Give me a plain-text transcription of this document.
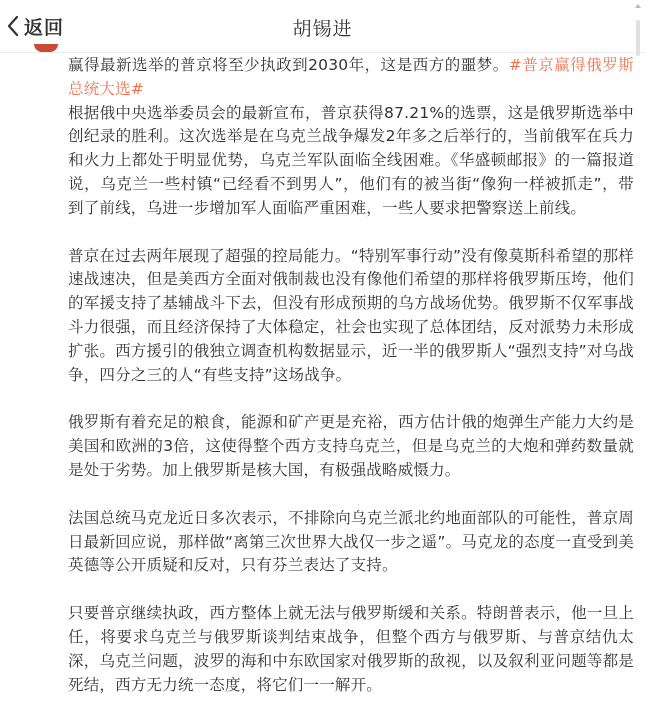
返回	胡锡进

赢得最新选举的普京将至少执政到2030年，这是西方的噩梦。#普京赢得俄罗斯总统大选#

根据俄中央选举委员会的最新宣布，普京获得87.21%的选票，这是俄罗斯选举中创纪录的胜利。这次选举是在乌克兰战争爆发2年多之后举行的，当前俄军在兵力和火力上都处于明显优势，乌克兰军队面临全线困难。《华盛顿邮报》的一篇报道说，乌克兰一些村镇“已经看不到男人”，他们有的被当街“像狗一样被抓走”，带到了前线，乌进一步增加军人面临严重困难，一些人要求把警察送上前线。

普京在过去两年展现了超强的控局能力。“特别军事行动”没有像莫斯科希望的那样速战速决，但是美西方全面对俄制裁也没有像他们希望的那样将俄罗斯压垮，他们的军援支持了基辅战斗下去，但没有形成预期的乌方战场优势。俄罗斯不仅军事战斗力很强，而且经济保持了大体稳定，社会也实现了总体团结，反对派势力未形成扩张。西方援引的俄独立调查机构数据显示，近一半的俄罗斯人“强烈支持”对乌战争，四分之三的人“有些支持”这场战争。

俄罗斯有着充足的粮食，能源和矿产更是充裕，西方估计俄的炮弹生产能力大约是美国和欧洲的3倍，这使得整个西方支持乌克兰，但是乌克兰的大炮和弹药数量就是处于劣势。加上俄罗斯是核大国，有极强战略威慑力。

法国总统马克龙近日多次表示，不排除向乌克兰派北约地面部队的可能性，普京周日最新回应说，那样做“离第三次世界大战仅一步之遥”。马克龙的态度一直受到美英德等公开质疑和反对，只有芬兰表达了支持。

只要普京继续执政，西方整体上就无法与俄罗斯缓和关系。特朗普表示，他一旦上任，将要求乌克兰与俄罗斯谈判结束战争，但整个西方与俄罗斯、与普京结仇太深，乌克兰问题，波罗的海和中东欧国家对俄罗斯的敌视，以及叙利亚问题等都是死结，西方无力统一态度，将它们一一解开。
